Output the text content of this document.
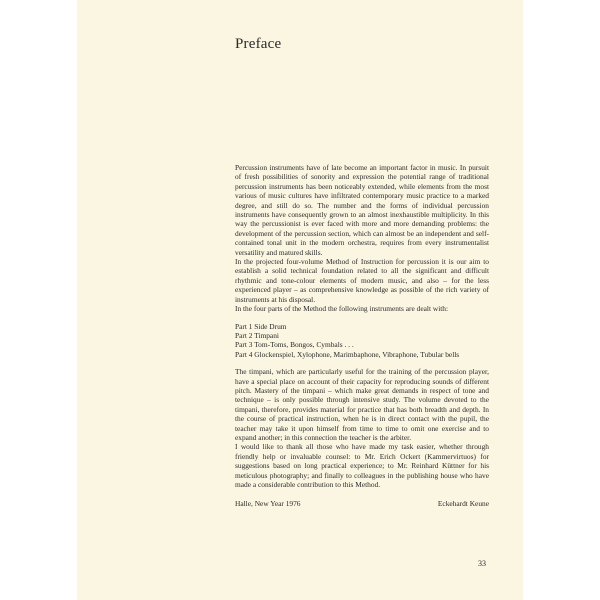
Preface

Percussion instruments have of late become an important factor in music. In pursuit of fresh possibilities of sonority and expression the potential range of traditional percussion instruments has been noticeably extended, while elements from the most various of music cultures have infiltrated contemporary music practice to a marked degree, and still do so. The number and the forms of individual percussion instruments have consequently grown to an almost inexhaustible multiplicity. In this way the percussionist is ever faced with more and more demanding problems: the development of the percussion section, which can almost be an independent and self-contained tonal unit in the modern orchestra, requires from every instrumentalist versatility and matured skills.

In the projected four-volume Method of Instruction for percussion it is our aim to establish a solid technical foundation related to all the significant and difficult rhythmic and tone-colour elements of modern music, and also – for the less experienced player – as comprehensive knowledge as possible of the rich variety of instruments at his disposal.

In the four parts of the Method the following instruments are dealt with:

Part 1 Side Drum
Part 2 Timpani
Part 3 Tom-Toms, Bongos, Cymbals . . .
Part 4 Glockenspiel, Xylophone, Marimbaphone, Vibraphone, Tubular bells

The timpani, which are particularly useful for the training of the percussion player, have a special place on account of their capacity for reproducing sounds of different pitch. Mastery of the timpani – which make great demands in respect of tone and technique – is only possible through intensive study. The volume devoted to the timpani, therefore, provides material for practice that has both breadth and depth. In the course of practical instruction, when he is in direct contact with the pupil, the teacher may take it upon himself from time to time to omit one exercise and to expand another; in this connection the teacher is the arbiter.

I would like to thank all those who have made my task easier, whether through friendly help or invaluable counsel: to Mr. Erich Ockert (Kammervirtuos) for suggestions based on long practical experience; to Mr. Reinhard Küttner for his meticulous photography; and finally to colleagues in the publishing house who have made a considerable contribution to this Method.

Halle, New Year 1976	Eckehardt Keune
33
